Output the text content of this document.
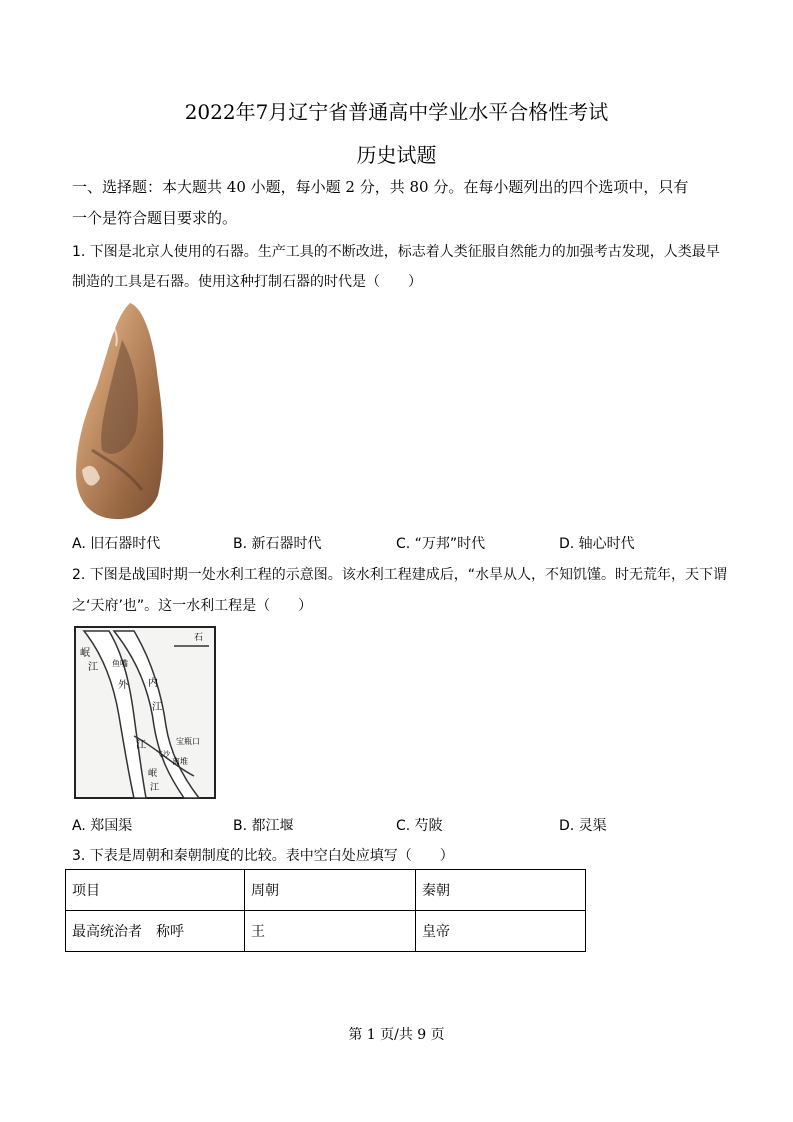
2022年7月辽宁省普通高中学业水平合格性考试
历史试题
一、选择题：本大题共 40 小题，每小题 2 分，共 80 分。在每小题列出的四个选项中，只有
一个是符合题目要求的。
1. 下图是北京人使用的石器。生产工具的不断改进，标志着人类征服自然能力的加强考古发现，人类最早
制造的工具是石器。使用这种打制石器的时代是（　　）
A. 旧石器时代	B. 新石器时代	C. “万邦”时代	D. 轴心时代
2. 下图是战国时期一处水利工程的示意图。该水利工程建成后，“水旱从人，不知饥馑。时无荒年，天下谓
之‘天府’也”。这一水利工程是（　　）
石
岷
江 鱼嘴
外 内
江
江	宝瓶口
飞沙
离堆
岷
江
A. 郑国渠	B. 都江堰	C. 芍陂	D. 灵渠
3. 下表是周朝和秦朝制度的比较。表中空白处应填写（　　）
项目	周朝	秦朝
最高统治者　称呼	王	皇帝
第 1 页/共 9 页
